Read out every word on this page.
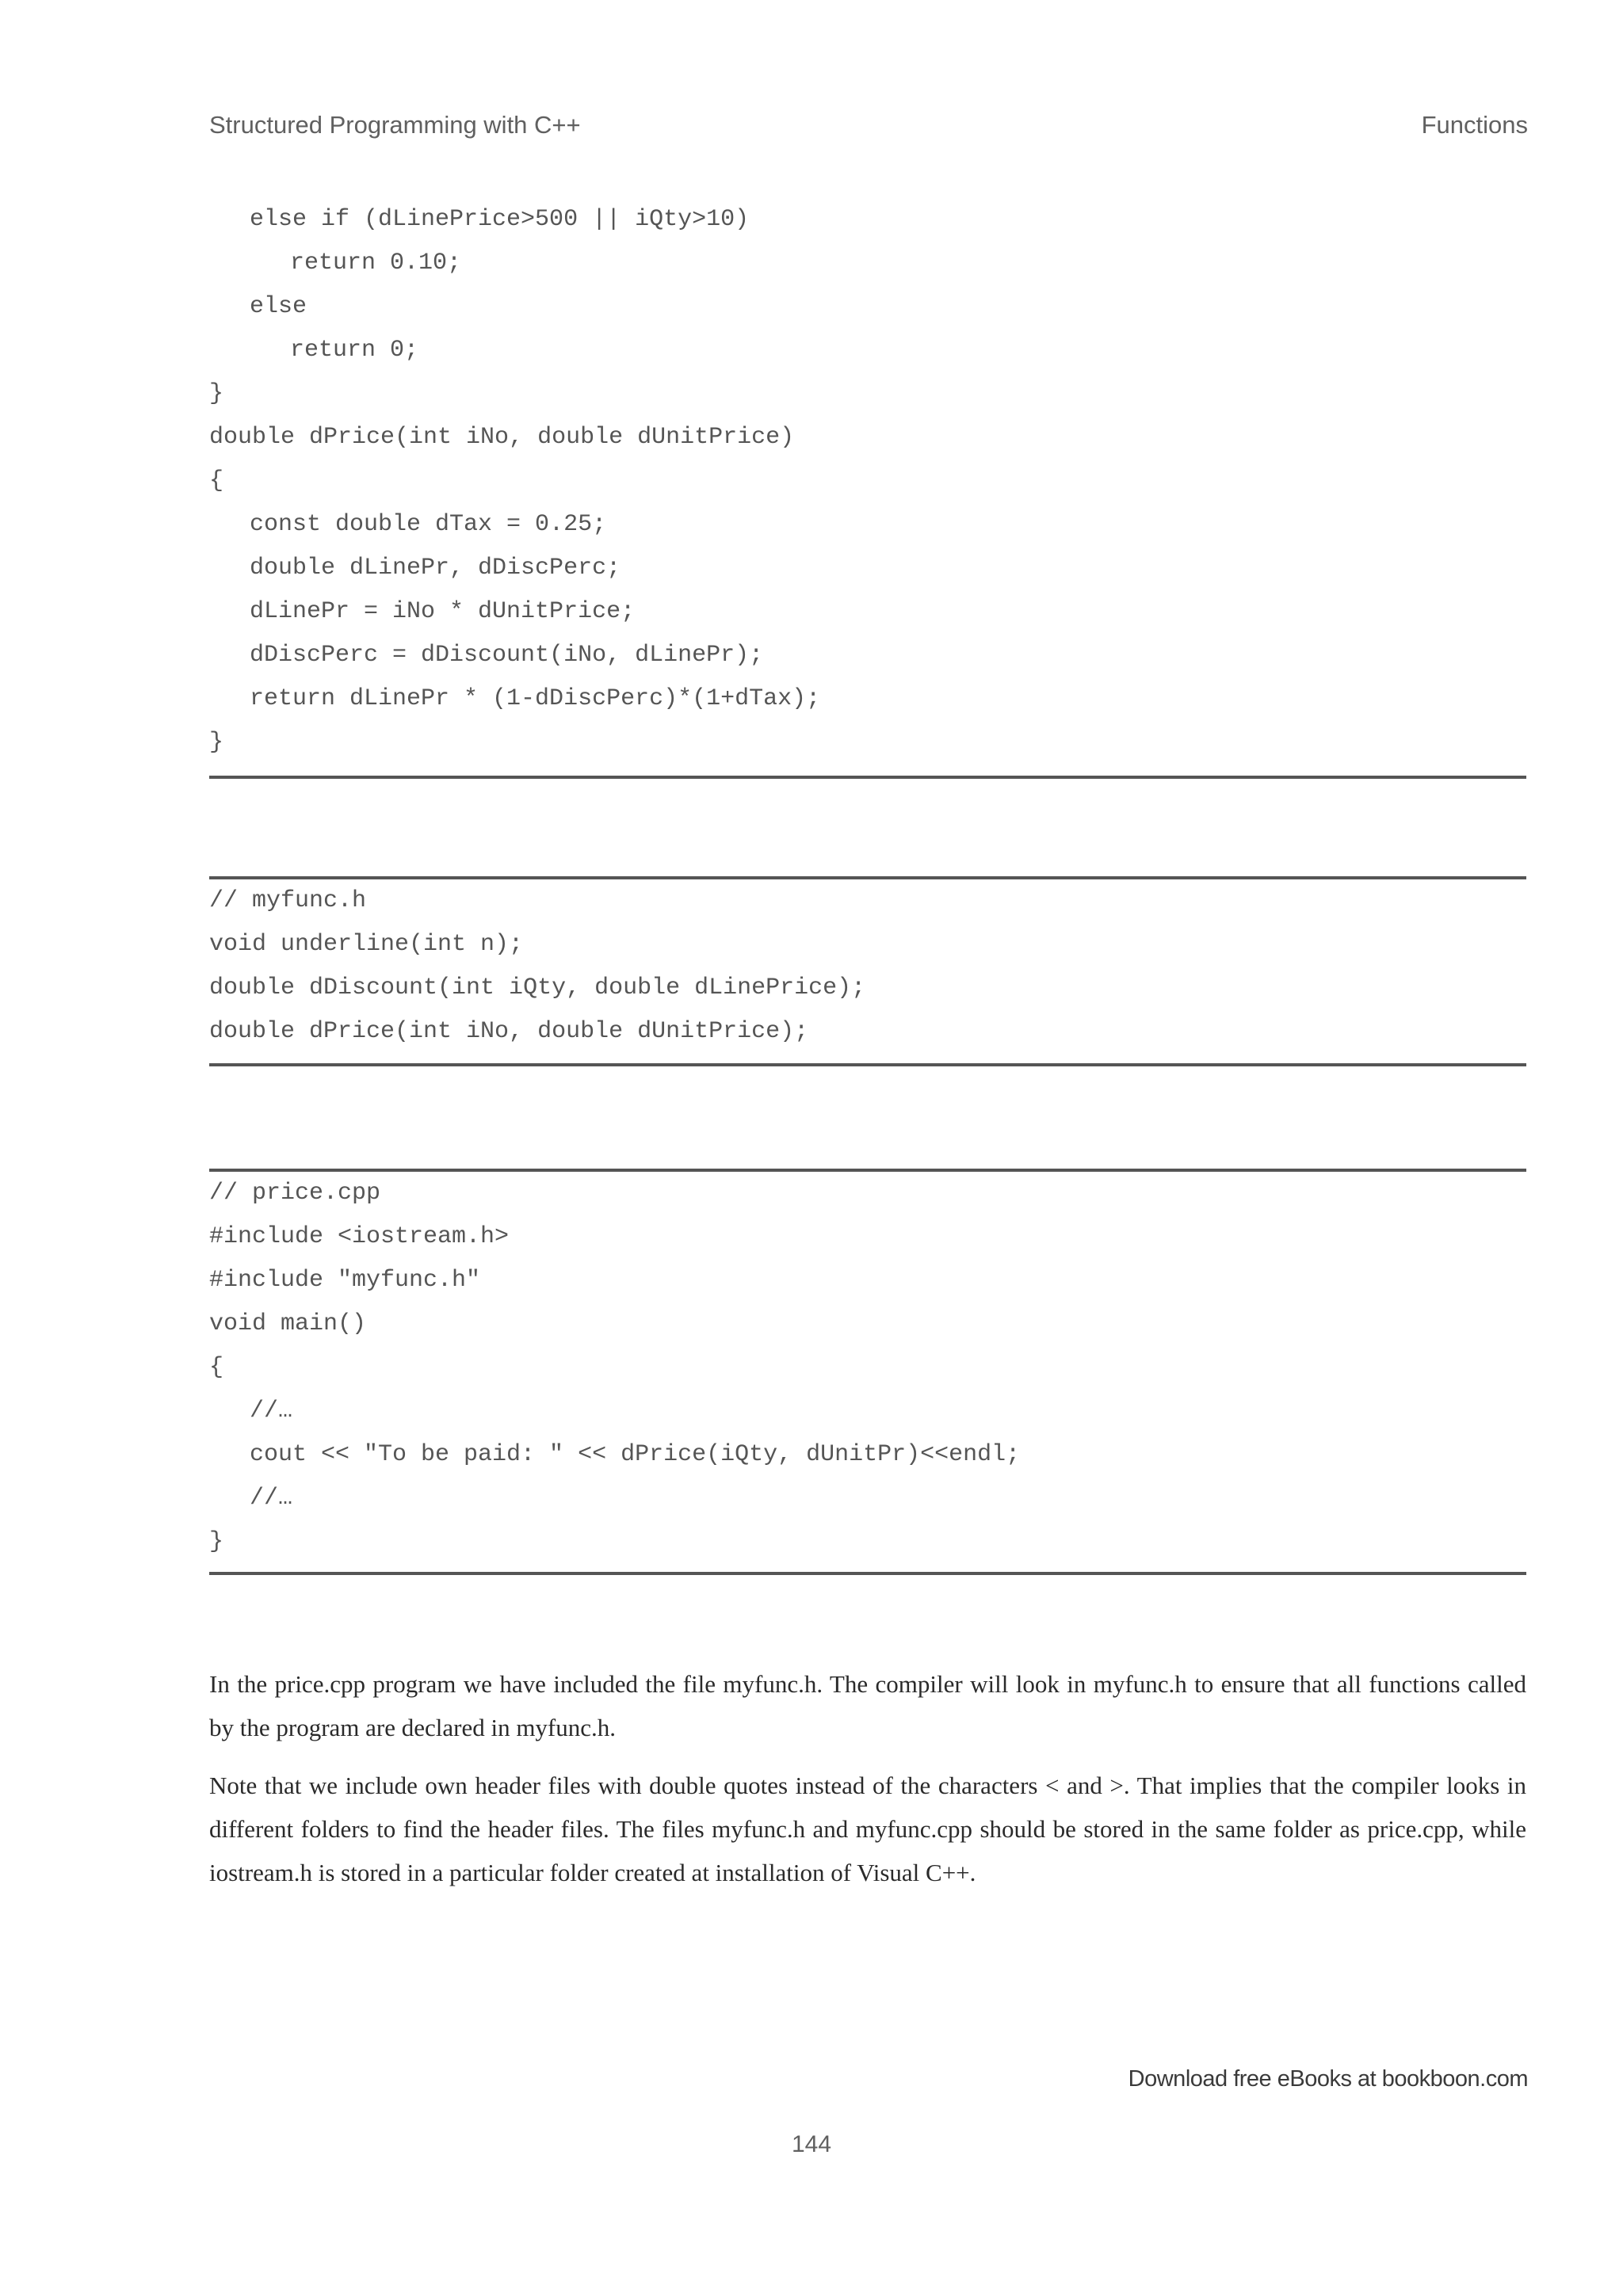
Structured Programming with C++	Functions
else if (dLinePrice>500 || iQty>10)
return 0.10;
else
return 0;
}
double dPrice(int iNo, double dUnitPrice)
{
const double dTax = 0.25;
double dLinePr, dDiscPerc;
dLinePr = iNo * dUnitPrice;
dDiscPerc = dDiscount(iNo, dLinePr);
return dLinePr * (1-dDiscPerc)*(1+dTax);
}
// myfunc.h
void underline(int n);
double dDiscount(int iQty, double dLinePrice);
double dPrice(int iNo, double dUnitPrice);
// price.cpp
#include <iostream.h>
#include "myfunc.h"
void main()
{
//…
cout << "To be paid: " << dPrice(iQty, dUnitPr)<<endl;
//…
}

In the price.cpp program we have included the file myfunc.h. The compiler will look in myfunc.h to ensure that all functions called by the program are declared in myfunc.h.

Note that we include own header files with double quotes instead of the characters < and >. That implies that the compiler looks in different folders to find the header files. The files myfunc.h and myfunc.cpp should be stored in the same folder as price.cpp, while iostream.h is stored in a particular folder created at installation of Visual C++.

Download free eBooks at bookboon.com
144
